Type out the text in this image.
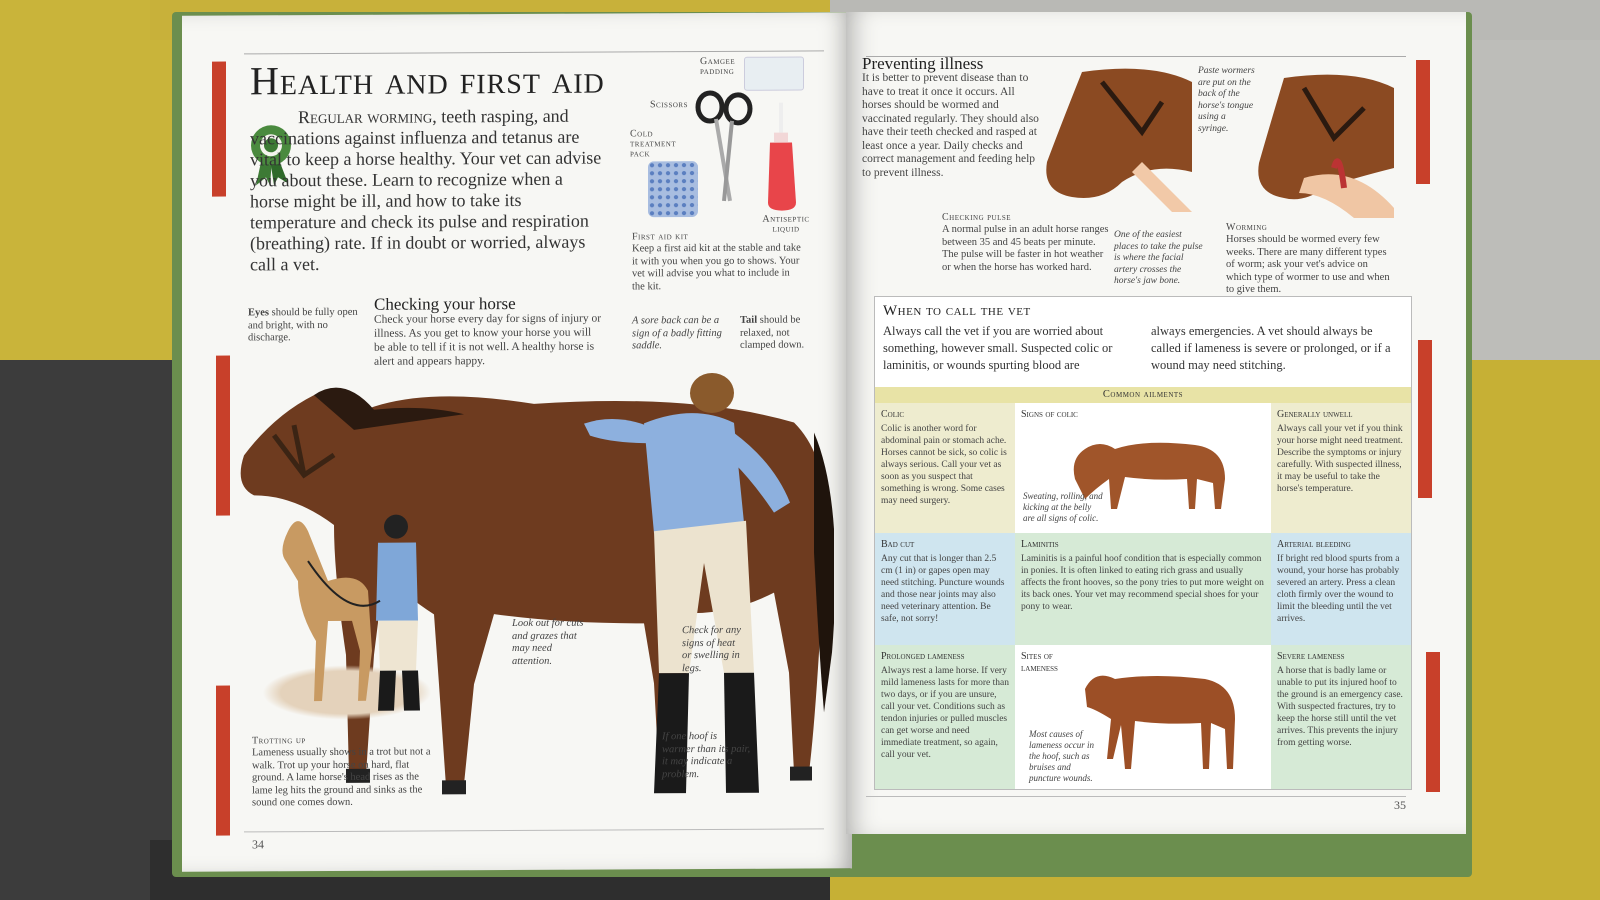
Health and first aid
Regular worming, teeth rasping, and vaccinations against influenza and tetanus are vital to keep a horse healthy. Your vet can advise you about these. Learn to recognize when a horse might be ill, and how to take its temperature and check its pulse and respiration (breathing) rate. If in doubt or worried, always call a vet.
Gamgee padding
Scissors
Cold treatment pack
Antiseptic liquid
First aid kit
Keep a first aid kit at the stable and take it with you when you go to shows. Your vet will advise you what to include in the kit.
Eyes should be fully open and bright, with no discharge.
Checking your horse
Check your horse every day for signs of injury or illness. As you get to know your horse you will be able to tell if it is not well. A healthy horse is alert and appears happy.
A sore back can be a sign of a badly fitting saddle.
Tail should be relaxed, not clamped down.
Look out for cuts and grazes that may need attention.
Check for any signs of heat or swelling in legs.
If one hoof is warmer than its pair, it may indicate a problem.
Trotting up
Lameness usually shows in a trot but not a walk. Trot up your horse on hard, flat ground. A lame horse's head rises as the lame leg hits the ground and sinks as the sound one comes down.
34
Preventing illness
It is better to prevent disease than to have to treat it once it occurs. All horses should be wormed and vaccinated regularly. They should also have their teeth checked and rasped at least once a year. Daily checks and correct management and feeding help to prevent illness.
Paste wormers are put on the back of the horse's tongue using a syringe.
Checking pulse
A normal pulse in an adult horse ranges between 35 and 45 beats per minute. The pulse will be faster in hot weather or when the horse has worked hard.
One of the easiest places to take the pulse is where the facial artery crosses the horse's jaw bone.
Worming
Horses should be wormed every few weeks. There are many different types of worm; ask your vet's advice on which type of wormer to use and when to give them.
When to call the vet
Always call the vet if you are worried about something, however small. Suspected colic or laminitis, or wounds spurting blood are
always emergencies. A vet should always be called if lameness is severe or prolonged, or if a wound may need stitching.
Common ailments
Colic
Colic is another word for abdominal pain or stomach ache. Horses cannot be sick, so colic is always serious. Call your vet as soon as you suspect that something is wrong. Some cases may need surgery.
Signs of colic
Sweating, rolling, and kicking at the belly are all signs of colic.
Generally unwell
Always call your vet if you think your horse might need treatment. Describe the symptoms or injury carefully. With suspected illness, it may be useful to take the horse's temperature.
Bad cut
Any cut that is longer than 2.5 cm (1 in) or gapes open may need stitching. Puncture wounds and those near joints may also need veterinary attention. Be safe, not sorry!
Laminitis
Laminitis is a painful hoof condition that is especially common in ponies. It is often linked to eating rich grass and usually affects the front hooves, so the pony tries to put more weight on its back ones. Your vet may recommend special shoes for your pony to wear.
Arterial bleeding
If bright red blood spurts from a wound, your horse has probably severed an artery. Press a clean cloth firmly over the wound to limit the bleeding until the vet arrives.
Prolonged lameness
Always rest a lame horse. If very mild lameness lasts for more than two days, or if you are unsure, call your vet. Conditions such as tendon injuries or pulled muscles can get worse and need immediate treatment, so again, call your vet.
Sites of lameness
Most causes of lameness occur in the hoof, such as bruises and puncture wounds.
Severe lameness
A horse that is badly lame or unable to put its injured hoof to the ground is an emergency case. With suspected fractures, try to keep the horse still until the vet arrives. This prevents the injury from getting worse.
35
